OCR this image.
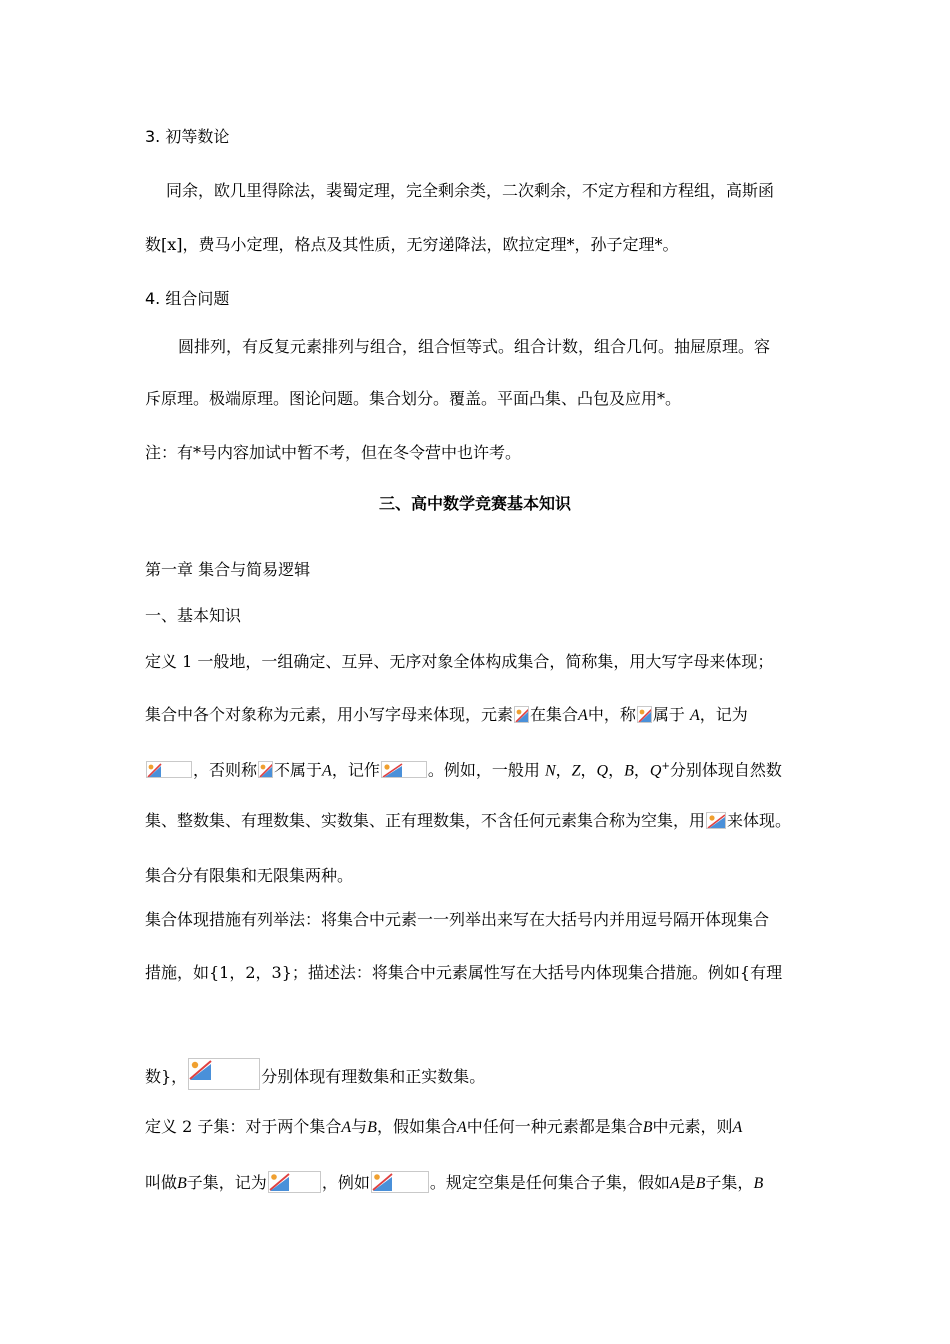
3. 初等数论
同余，欧几里得除法，裴蜀定理，完全剩余类，二次剩余，不定方程和方程组，高斯函
数[x]，费马小定理，格点及其性质，无穷递降法，欧拉定理*，孙子定理*。
4. 组合问题
圆排列，有反复元素排列与组合，组合恒等式。组合计数，组合几何。抽屉原理。容
斥原理。极端原理。图论问题。集合划分。覆盖。平面凸集、凸包及应用*。
注：有*号内容加试中暂不考，但在冬令营中也许考。
三、高中数学竞赛基本知识
第一章 集合与简易逻辑
一、基本知识
定义 1 一般地，一组确定、互异、无序对象全体构成集合，简称集，用大写字母来体现；
集合中各个对象称为元素，用小写字母来体现，元素 在集合A中，称 属于 A，记为
，否则称 不属于A，记作	。例如，一般用 N，Z，Q，B，Q+分别体现自然数
集、整数集、有理数集、实数集、正有理数集，不含任何元素集合称为空集，用 来体现。
集合分有限集和无限集两种。
集合体现措施有列举法：将集合中元素一一列举出来写在大括号内并用逗号隔开体现集合
措施，如{1，2，3}；描述法：将集合中元素属性写在大括号内体现集合措施。例如{有理
数}，	分别体现有理数集和正实数集。
定义 2 子集：对于两个集合A与B，假如集合A中任何一种元素都是集合B中元素，则A
叫做B子集，记为	，例如	。规定空集是任何集合子集，假如A是B子集，B
